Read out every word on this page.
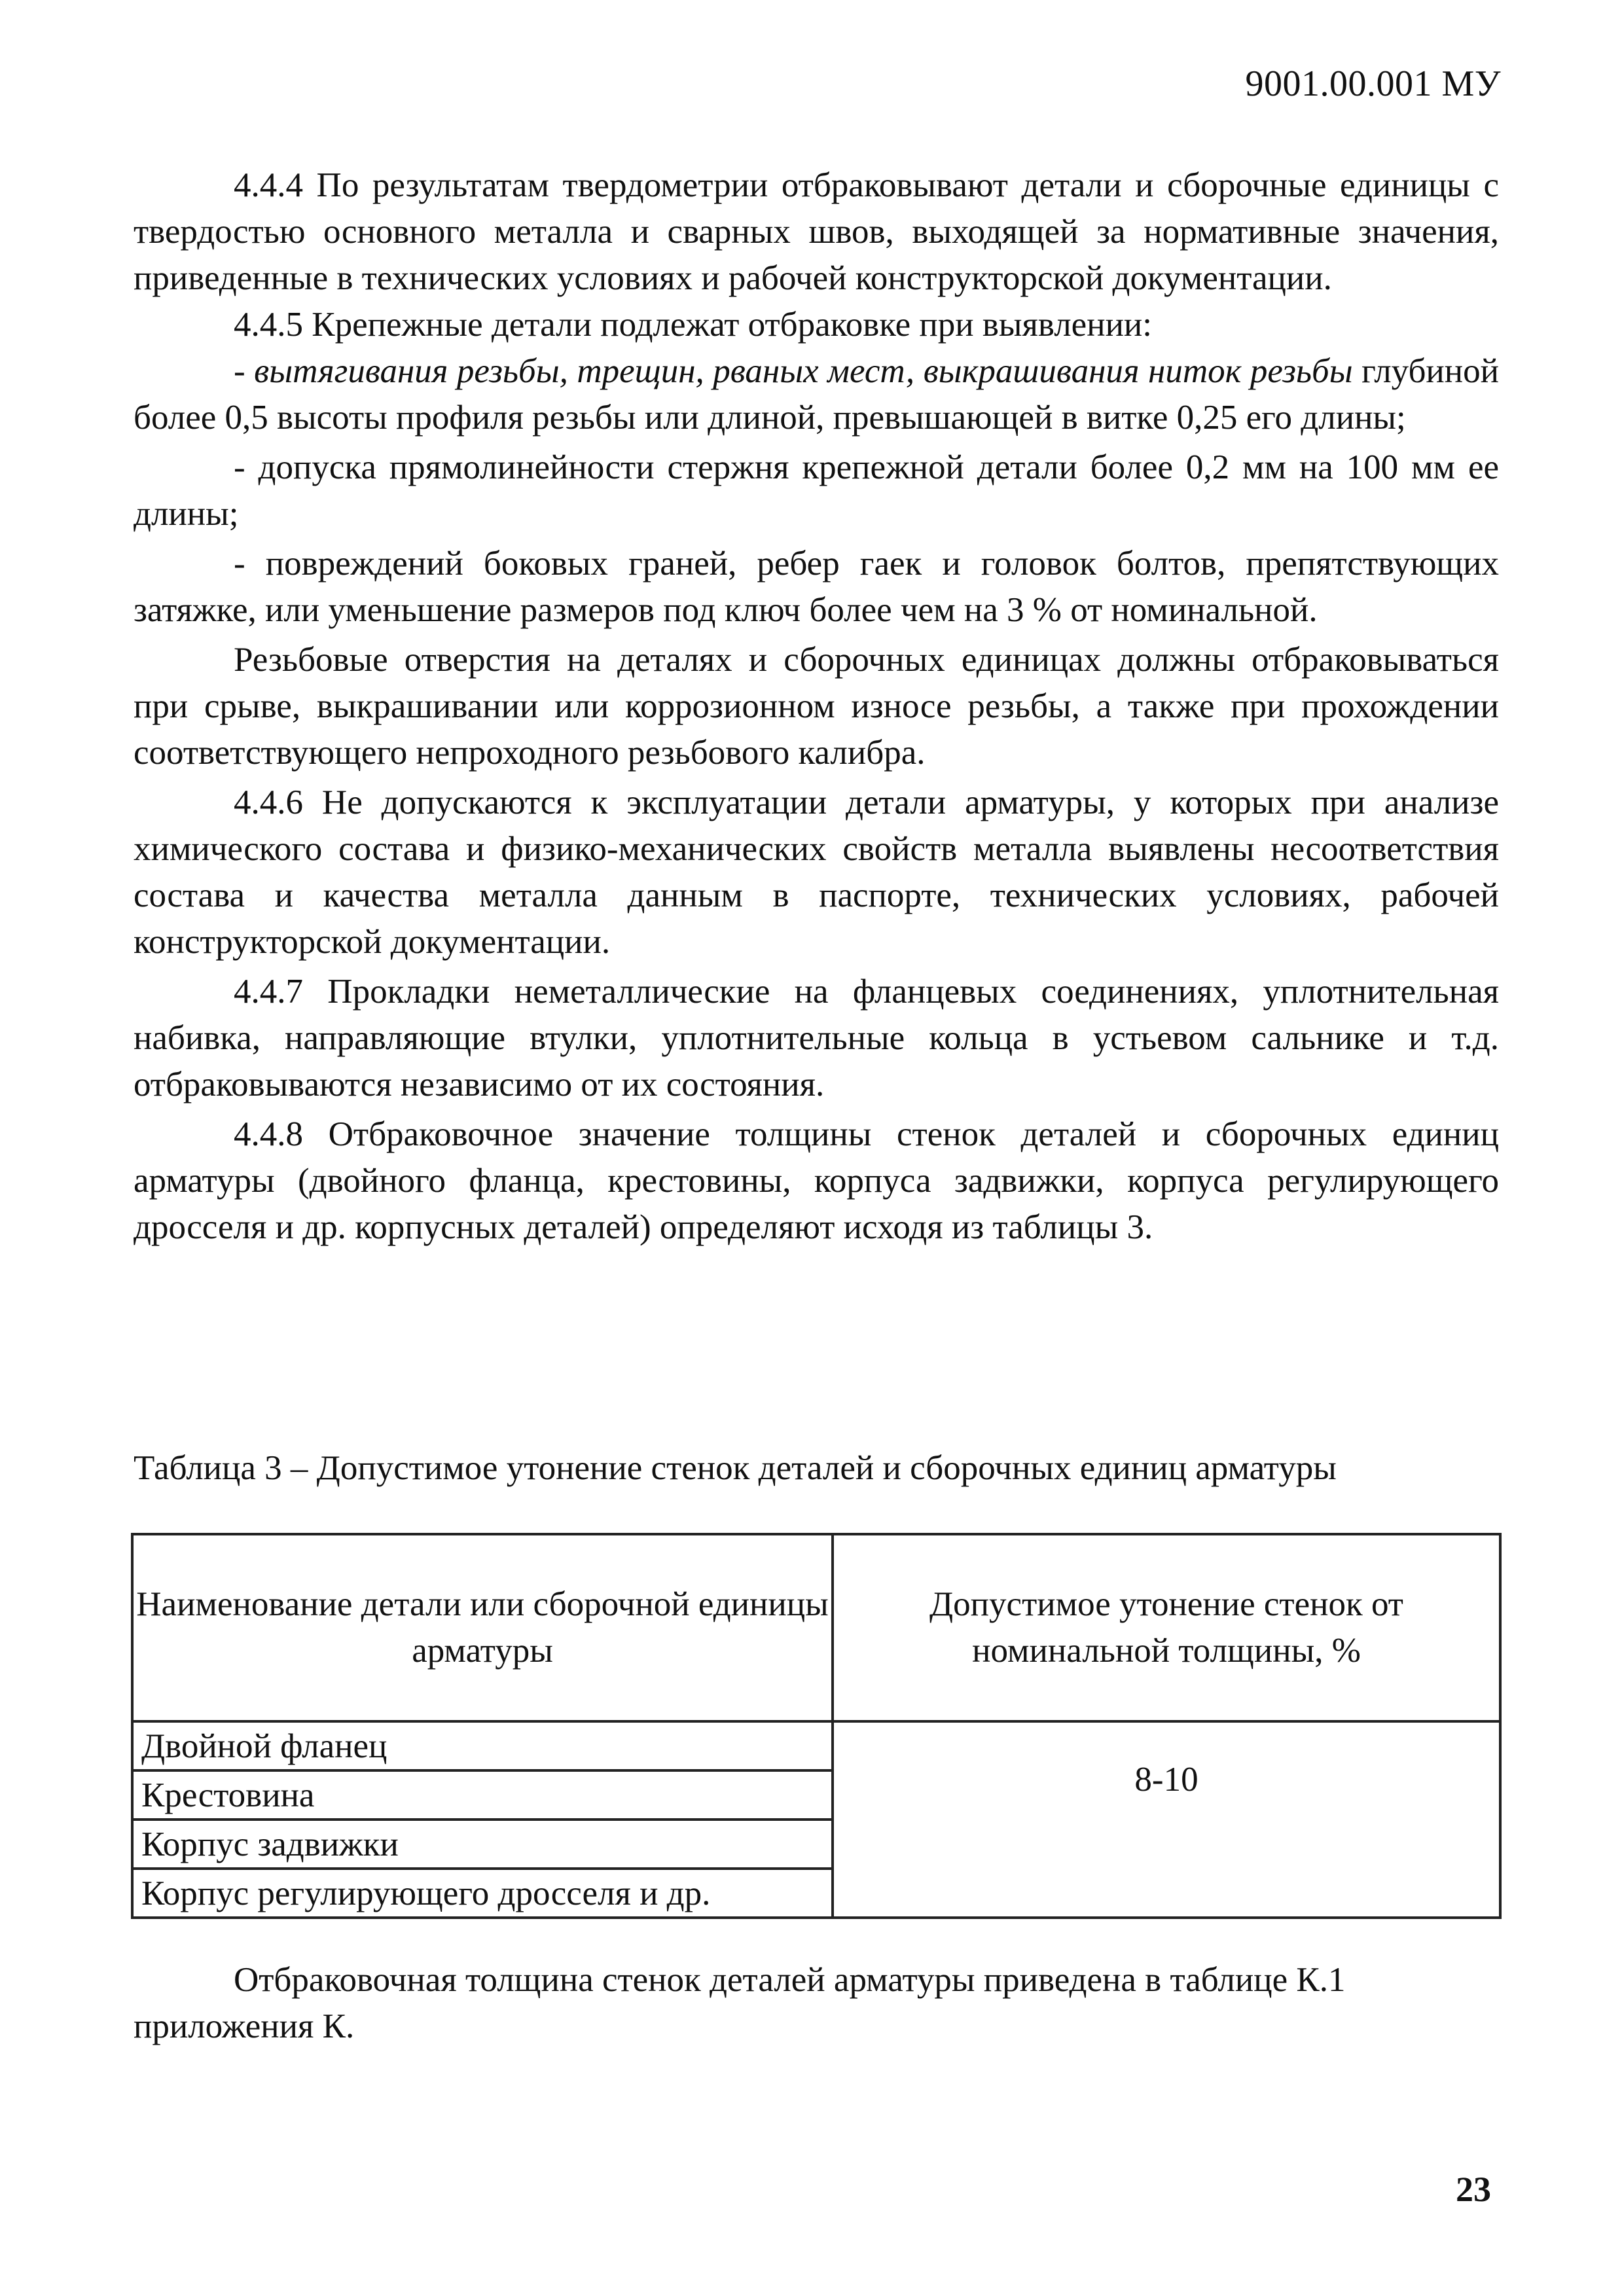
9001.00.001 МУ

4.4.4 По результатам твердометрии отбраковывают детали и сборочные единицы с твердостью основного металла и сварных швов, выходящей за нормативные значения, приведенные в технических условиях и рабочей конструкторской документации.

4.4.5 Крепежные детали подлежат отбраковке при выявлении:

- вытягивания резьбы, трещин, рваных мест, выкрашивания ниток резьбы глубиной более 0,5 высоты профиля резьбы или длиной, превышающей в витке 0,25 его длины;

- допуска прямолинейности стержня крепежной детали более 0,2 мм на 100 мм ее длины;

- повреждений боковых граней, ребер гаек и головок болтов, препятствующих затяжке, или уменьшение размеров под ключ более чем на 3 % от номинальной.

Резьбовые отверстия на деталях и сборочных единицах должны отбраковываться при срыве, выкрашивании или коррозионном износе резьбы, а также при прохождении соответствующего непроходного резьбового калибра.

4.4.6 Не допускаются к эксплуатации детали арматуры, у которых при анализе химического состава и физико-механических свойств металла выявлены несоответствия состава и качества металла данным в паспорте, технических условиях, рабочей конструкторской документации.

4.4.7 Прокладки неметаллические на фланцевых соединениях, уплотнительная набивка, направляющие втулки, уплотнительные кольца в устьевом сальнике и т.д. отбраковываются независимо от их состояния.

4.4.8 Отбраковочное значение толщины стенок деталей и сборочных единиц арматуры (двойного фланца, крестовины, корпуса задвижки, корпуса регулирующего дросселя и др. корпусных деталей) определяют исходя из таблицы 3.

Таблица 3 – Допустимое утонение стенок деталей и сборочных единиц арматуры
Наименование детали или сборочной единицы арматуры	Допустимое утонение стенок от номинальной толщины, %
Двойной фланец	8-10
Крестовина	
Корпус задвижки	
Корпус регулирующего дросселя и др.	

Отбраковочная толщина стенок деталей арматуры приведена в таблице К.1 приложения К.

23
